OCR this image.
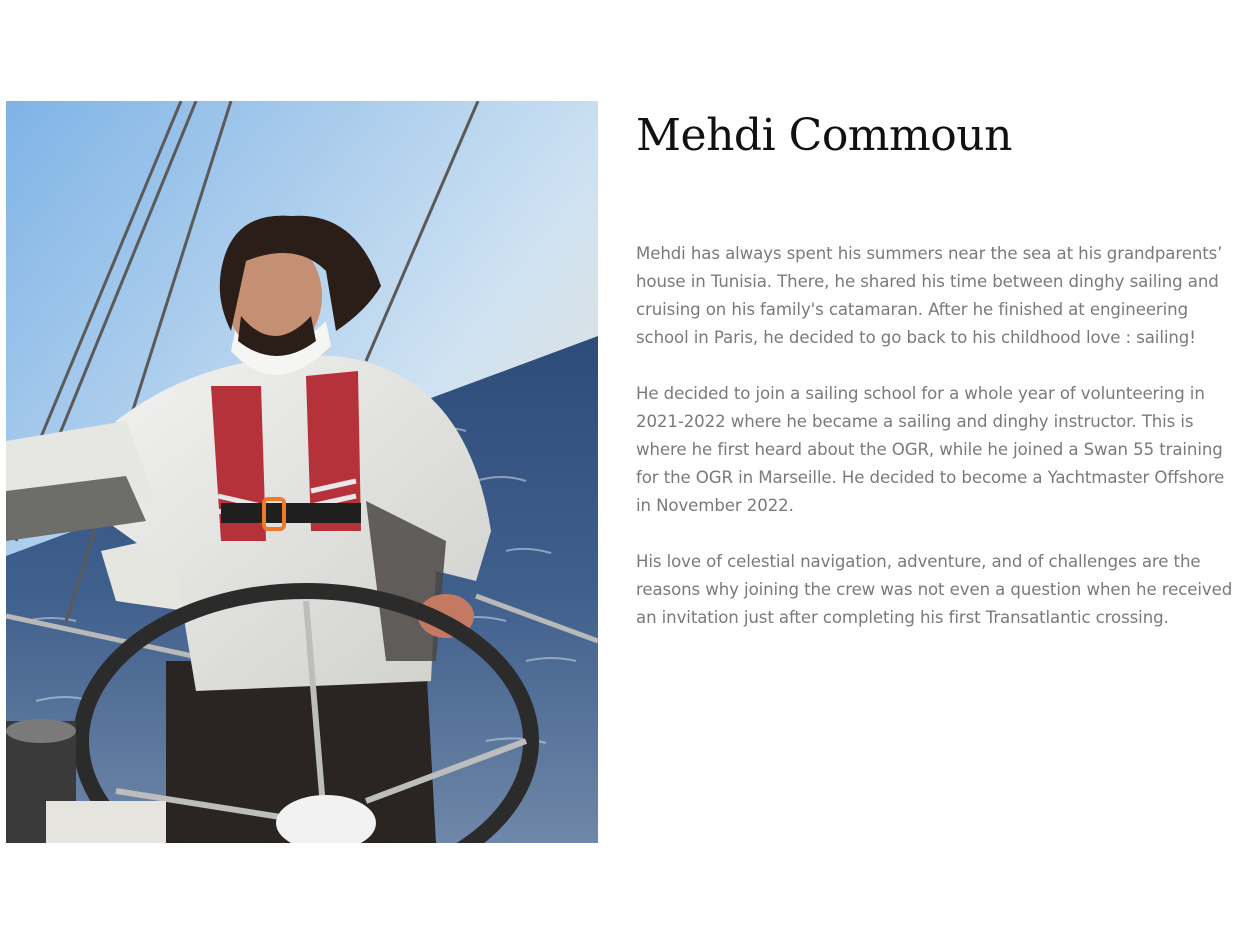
Mehdi Commoun

Mehdi has always spent his summers near the sea at his grandparents’ house in Tunisia. There, he shared his time between dinghy sailing and cruising on his family's catamaran. After he finished at engineering school in Paris, he decided to go back to his childhood love : sailing!

He decided to join a sailing school for a whole year of volunteering in 2021-2022 where he became a sailing and dinghy instructor. This is where he first heard about the OGR, while he joined a Swan 55 training for the OGR in Marseille. He decided to become a Yachtmaster Offshore in November 2022.

His love of celestial navigation, adventure, and of challenges are the reasons why joining the crew was not even a question when he received an invitation just after completing his first Transatlantic crossing.
